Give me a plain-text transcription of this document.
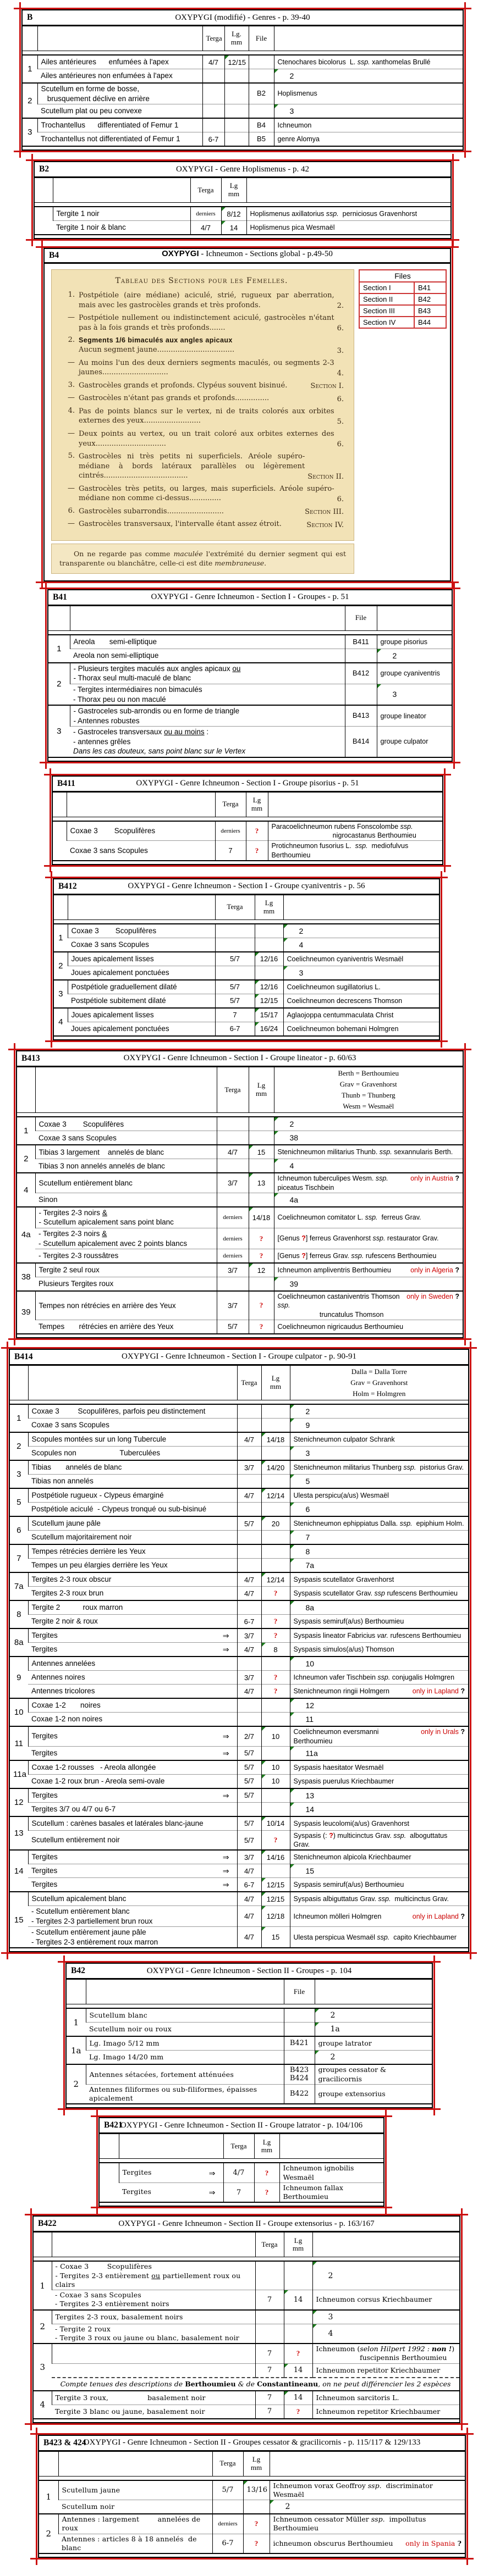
B OXYPYGI (modifié) - Genres - p. 39-40					
		Terga	Lg.
mm	File	

1	Ailes antérieures      enfumées à l'apex	4/7	12/15		Ctenochares bicolorus  L. ssp. xanthomelas Brullé
	Ailes antérieures non enfumées à l'apex				2

2	Scutellum en forme de bosse,
brusquement déclive en arrière			B2	Hoplismenus
	Scutellum plat ou peu convexe				3

3	Trochantellus      differentiated of Femur 1			B4	Ichneumon
	Trochantellus not differentiated of Femur 1	6-7		B5	genre Alomya

B2 OXYPYGI - Genre Hoplismenus - p. 42				
		Terga	Lg
mm	

	Tergite 1 noir	derniers	8/12	Hoplismenus axillatorius ssp.  perniciosus Gravenhorst
	Tergite 1 noir & blanc	4/7	14	Hoplismenus pica Wesmaël

B4	OXYPYGI - Ichneumon - Sections global - p.49-50
Tableau des Sections pour les Femelles.
1. Postpétiole (aire médiane) aciculé, strié, rugueux par aberration, mais avec les gastrocèles grands et très profonds.	2.
— Postpétiole nullement ou indistinctement aciculé, gastrocèles n'étant pas à la fois grands et très profonds.......	6.
2. Segments 1/6 bimaculés aux angles apicaux
Aucun segment jaune..................................	3.
— Au moins l'un des deux derniers segments maculés, ou segments 2-3 jaunes.............................	4.
3. Gastrocèles grands et profonds. Clypéus souvent bisinué.	Section I.
— Gastrocèles n'étant pas grands et profonds...............	6.
4. Pas de points blancs sur le vertex, ni de traits colorés aux orbites externes des yeux.........................	5.
— Deux points au vertex, ou un trait coloré aux orbites externes des yeux...............................	6.
5. Gastrocèles ni très petits ni superficiels. Aréole supéro-médiane à bords latéraux parallèles ou légèrement cintrés.....................................	Section II.
— Gastrocèles très petits, ou larges, mais superficiels. Aréole supéro-médiane non comme ci-dessus..............	6.
6. Gastrocèles subarrondis.........................	Section III.
— Gastrocèles transversaux, l'intervalle étant assez étroit.	Section IV.
On ne regarde pas comme maculée l'extrémité du dernier segment qui est transparente ou blanchâtre, celle-ci est dite membraneuse.
Files	
Section I	B41
Section II	B42
Section III	B43
Section IV	B44
B41 OXYPYGI - Genre Ichneumon - Section I - Groupes - p. 51			
		File	

1	Areola       semi-elliptique	B411	groupe pisorius
	Areola non semi-elliptique		2

2	- Plusieurs tergites maculés aux angles apicaux ou
- Thorax seul multi-maculé de blanc	B412	groupe cyaniventris
	- Tergites intermédiaires non bimaculés
- Thorax peu ou non maculé		3

3	- Gastroceles sub-arrondis ou en forme de triangle
- Antennes robustes	B413	groupe lineator
	- Gastroceles transversaux ou au moins :
- antennes grêles
Dans les cas douteux, sans point blanc sur le Vertex	B414	groupe culpator

B411 OXYPYGI - Genre Ichneumon - Section I - Groupe pisorius - p. 51				
		Terga	Lg
mm	

	Coxae 3        Scopulifères	derniers	?	Paracoelichneumon rubens Fonscolombe ssp.
nigrocastanus Berthoumieu
	Coxae 3 sans Scopules	7	?	Protichneumon fusorius L.  ssp.  mediofulvus Berthoumieu

B412 OXYPYGI - Genre Ichneumon - Section I - Groupe cyaniventris - p. 56				
		Terga	Lg
mm	

1	Coxae 3        Scopulifères			2

	Coxae 3 sans Scopules			4

2	Joues apicalement lisses	5/7	12/16	Coelichneumon cyaniventris Wesmaël
	Joues apicalement ponctuées			3

3	Postpétiole graduellement dilaté	5/7	12/16	Coelichneumon sugillatorius L.
	Postpétiole subitement dilaté	5/7	12/15	Coelichneumon decrescens Thomson
4	Joues apicalement lisses	7	15/17	Aglaojoppa centummaculata Christ
	Joues apicalement ponctuées	6-7	16/24	Coelichneumon bohemani Holmgren

B413 OXYPYGI - Genre Ichneumon - Section I - Groupe lineator - p. 60/63				
		Terga	Lg
mm	Berth = Berthoumieu
Grav = Gravenhorst
Thunb = Thunberg
Wesm = Wesmaël

1	Coxae 3        Scopulifères			2

	Coxae 3 sans Scopules			38

2	Tibias 3 largement    annelés de blanc	4/7	15	Stenichneumon militarius Thunb. ssp. sexannularis Berth.
	Tibias 3 non annelés annelés de blanc			4

4	Scutellum entièrement blanc	3/7	13	only in Austria ?
Ichneumon tuberculipes Wesm. ssp. piceatus Tischbein
	Sinon			4a

4a	- Tergites 2-3 noirs &
- Scutellum apicalement sans point blanc	derniers	14/18	Coelichneumon comitator L. ssp.  ferreus Grav.
	- Tergites 2-3 noirs &
- Scutellum apicalement avec 2 points blancs	derniers	?	[Genus ?] ferreus Gravenhorst ssp. restaurator Grav.
	- Tergites 2-3 roussâtres	derniers	?	[Genus ?] ferreus Grav. ssp. rufescens Berthoumieu
38	Tergite 2 seul roux	3/7	12	only in Algeria ?
Ichneumon ampliventris Berthoumieu
	Plusieurs Tergites roux			39

39	Tempes non rétrécies en arrière des Yeux	3/7	?	only in Sweden ?
Coelichneumon castaniventris Thomson ssp.
truncatulus Thomson
	Tempes       rétrécies en arrière des Yeux	5/7	?	Coelichneumon nigricaudus Berthoumieu

B414 OXYPYGI - Genre Ichneumon - Section I - Groupe culpator - p. 90-91				
		Terga	Lg
mm	Dalla = Dalla Torre
Grav = Gravenhorst
Holm = Holmgren

1	Coxae 3         Scopulifères, parfois peu distinctement			2

	Coxae 3 sans Scopules			9

2	Scopules montées sur un long Tubercule	4/7	14/18	Stenichneumon culpator Schrank
	Scopules non                     Tuberculées			3

3	Tibias       annelés de blanc	3/7	14/20	Stenichneumon militarius Thunberg ssp.  pistorius Grav.
	Tibias non annelés			5

5	Postpétiole rugueux - Clypeus émarginé	4/7	12/14	Ulesta perspicu(a/us) Wesmaël
	Postpétiole aciculé  - Clypeus tronqué ou sub-bisinué			6

6	Scutellum jaune pâle	5/7	20	Stenichneumon ephippiatus Dalla. ssp.  epiphium Holm.
	Scutellum majoritairement noir			7

7	Tempes rétrécies derrière les Yeux			8

	Tempes un peu élargies derrière les Yeux			7a

7a	Tergites 2-3 roux obscur	4/7	12/14	Syspasis scutellator Gravenhorst
	Tergites 2-3 roux brun	4/7	?	Syspasis scutellator Grav. ssp rufescens Berthoumieu
8	Tergite 2           roux marron			8a

	Tergite 2 noir & roux	6-7	?	Syspasis semiruf(a/us) Berthoumieu
8a	Tergites ⇒	3/7	?	Syspasis lineator Fabricius var. rufescens Berthoumieu
	Tergites ⇒	4/7	8	Syspasis simulos(a/us) Thomson
9	Antennes annelées			10

	Antennes noires	3/7	?	Ichneumon vafer Tischbein ssp. conjugalis Holmgren
	Antennes tricolores	4/7	?	only in Lapland ?
Stenichneumon ringii Holmgern
10	Coxae 1-2       noires			12

	Coxae 1-2 non noires			11

11	Tergites ⇒	2/7	10	only in Urals ?
Coelichneumon eversmanni Berthoumieu
	Tergites ⇒	5/7		11a

11a	Coxae 1-2 rousses   - Areola allongée	5/7	10	Syspasis haesitator Wesmaël
	Coxae 1-2 roux brun - Areola semi-ovale	5/7	10	Syspasis puerulus Kriechbaumer
12	Tergites ⇒	5/7		13

	Tergites 3/7 ou 4/7 ou 6-7			14

13	Scutellum : carènes basales et latérales blanc-jaune	5/7	10/14	Syspasis leucolomi(a/us) Gravenhorst
	Scutellum entièrement noir	5/7	?	Syspasis (: ?) multicinctus Grav. ssp.  alboguttatus Grav.
14	Tergites ⇒	3/7	14/16	Stenichneumon alpicola Kriechbaumer
	Tergites ⇒	4/7		15

	Tergites ⇒	6-7	12/15	Syspasis semiruf(a/us) Berthoumieu
15	Scutellum apicalement blanc	4/7	12/15	Syspasis albiguttatus Grav. ssp.  multicinctus Grav.
	- Scutellum entièrement blanc
- Tergites 2-3 partiellement brun roux	4/7	12/18	only in Lapland ?
Ichneumon mölleri Holmgren
	- Scutellum entièrement jaune pâle
- Tergites 2-3 entièrement roux marron	4/7	15	Ulesta perspicua Wesmaël ssp.  capito Kriechbaumer

B42 OXYPYGI - Genre Ichneumon - Section II - Groupes - p. 104			
		File	

1	Scutellum blanc		2

	Scutellum noir ou roux		1a

1a	Lg. Imago 5/12 mm	B421	groupe latrator
	Lg. Imago 14/20 mm		2

2	Antennes sétacées, fortement atténuées	B423
B424	groupes cessator & gracilicornis
	Antennes filiformes ou sub-filiformes, épaisses apicalement	B422	groupe extensorius

B421
OXYPYGI - Genre Ichneumon - Section II - Groupe latrator - p. 104/106				
		Terga	Lg
mm	

	Tergites ⇒	4/7	?	Ichneumon ignobilis Wesmaël
	Tergites ⇒	7	?	Ichneumon fallax Berthoumieu

B422 OXYPYGI - Genre Ichneumon - Section II - Groupe extensorius - p. 163/167				
		Terga	Lg
mm	

1	- Coxae 3        Scopulifères
- Tergites 2-3 entièrement ou partiellement roux ou clairs			2

	- Coxae 3 sans Scopules
- Tergites 2-3 entièrement noirs	7	14	Ichneumon corsus Kriechbaumer
2	Tergites 2-3 roux, basalement noirs			3

	- Tergite 2 roux
- Tergite 3 roux ou jaune ou blanc, basalement noir			4

3		7	?	Ichneumon (selon Hilpert 1992 : non !)
fuscipennis Berthoumieu
		7	14	Ichneumon repetitor Kriechbaumer
	Compte tenues des descriptions de Berthoumieu & de Constantineanu, on ne peut différencier les 2 espèces			
4	Tergite 3 roux,                 basalement noir	7	14	Ichneumon sarcitoris L.
	Tergite 3 blanc ou jaune, basalement noir	7	?	Ichneumon repetitor Kriechbaumer

B423 & 424
OXYPYGI - Genre Ichneumon - Section II - Groupes cessator & gracilicornis - p. 115/117 & 129/133				
		Terga	Lg
mm	

1	Scutellum jaune	5/7	13/16	Ichneumon vorax Geoffroy ssp.  discriminator Wesmaël
	Scutellum noir			2

2	Antennes : largement        annelées de roux	derniers	?	Ichneumon cessator Müller ssp.  impollutus Berthoumieu
	Antennes : articles 8 à 18 annelés  de blanc	6-7	?	only in Spania ?
ichneumon obscurus Berthoumieu
